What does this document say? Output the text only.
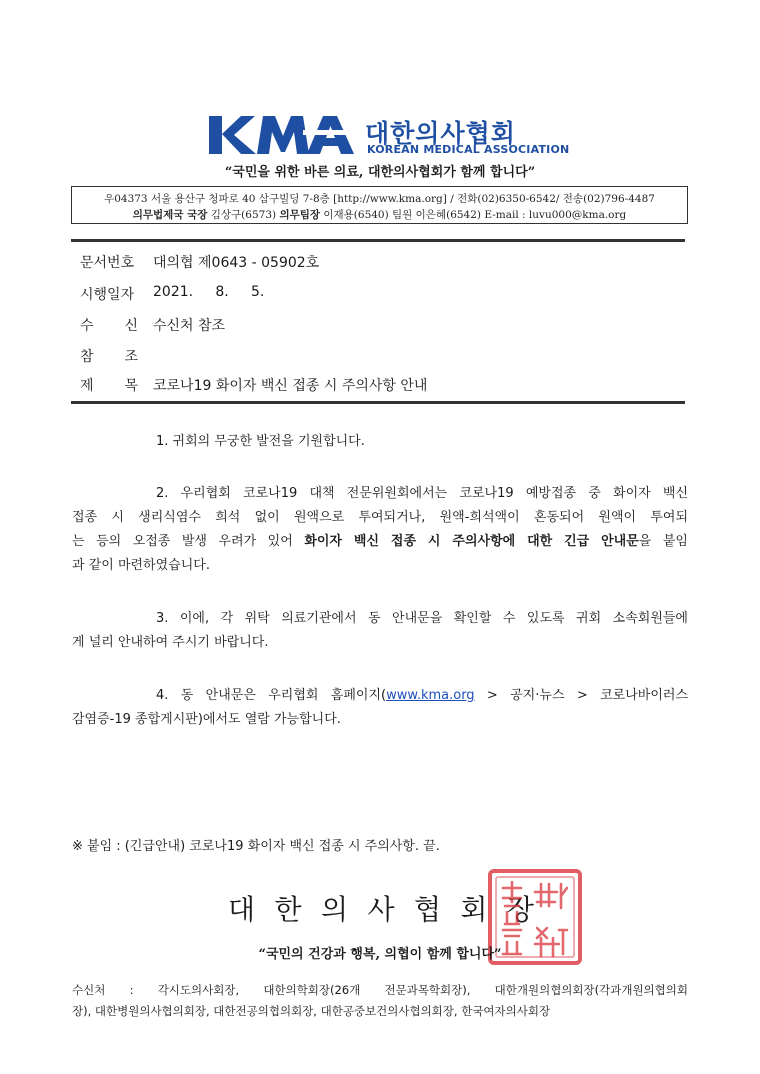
대한의사협회
KOREAN MEDICAL ASSOCIATION
“국민을 위한 바른 의료, 대한의사협회가 함께 합니다”
우04373 서울 용산구 청파로 40 삼구빌딩 7-8층 [http://www.kma.org] / 전화(02)6350-6542/ 전송(02)796-4487
의무법제국 국장 김상구(6573) 의무팀장 이재용(6540) 팀원 이은혜(6542) E-mail : luvu000@kma.org
문서번호 대의협 제0643 - 05902호
시행일자 2021.     8.     5.
수 신 수신처 참조
참 조
제 목 코로나19 화이자 백신 접종 시 주의사항 안내
1. 귀회의 무궁한 발전을 기원합니다.
2. 우리협회 코로나19 대책 전문위원회에서는 코로나19 예방접종 중 화이자 백신
접종 시 생리식염수 희석 없이 원액으로 투여되거나, 원액-희석액이 혼동되어 원액이 투여되
는 등의 오접종 발생 우려가 있어 화이자 백신 접종 시 주의사항에 대한 긴급 안내문을 붙임
과 같이 마련하였습니다.
3. 이에, 각 위탁 의료기관에서 동 안내문을 확인할 수 있도록 귀회 소속회원들에
게 널리 안내하여 주시기 바랍니다.
4. 동 안내문은 우리협회 홈페이지(www.kma.org > 공지·뉴스 > 코로나바이러스
감염증-19 종합게시판)에서도 열람 가능합니다.
※ 붙임 : (긴급안내) 코로나19 화이자 백신 접종 시 주의사항. 끝.
대 한 의 사 협 회 장
“국민의 건강과 행복, 의협이 함께 합니다”
수신처 : 각시도의사회장, 대한의학회장(26개 전문과목학회장), 대한개원의협의회장(각과개원의협의회
장), 대한병원의사협의회장, 대한전공의협의회장, 대한공중보건의사협의회장, 한국여자의사회장
